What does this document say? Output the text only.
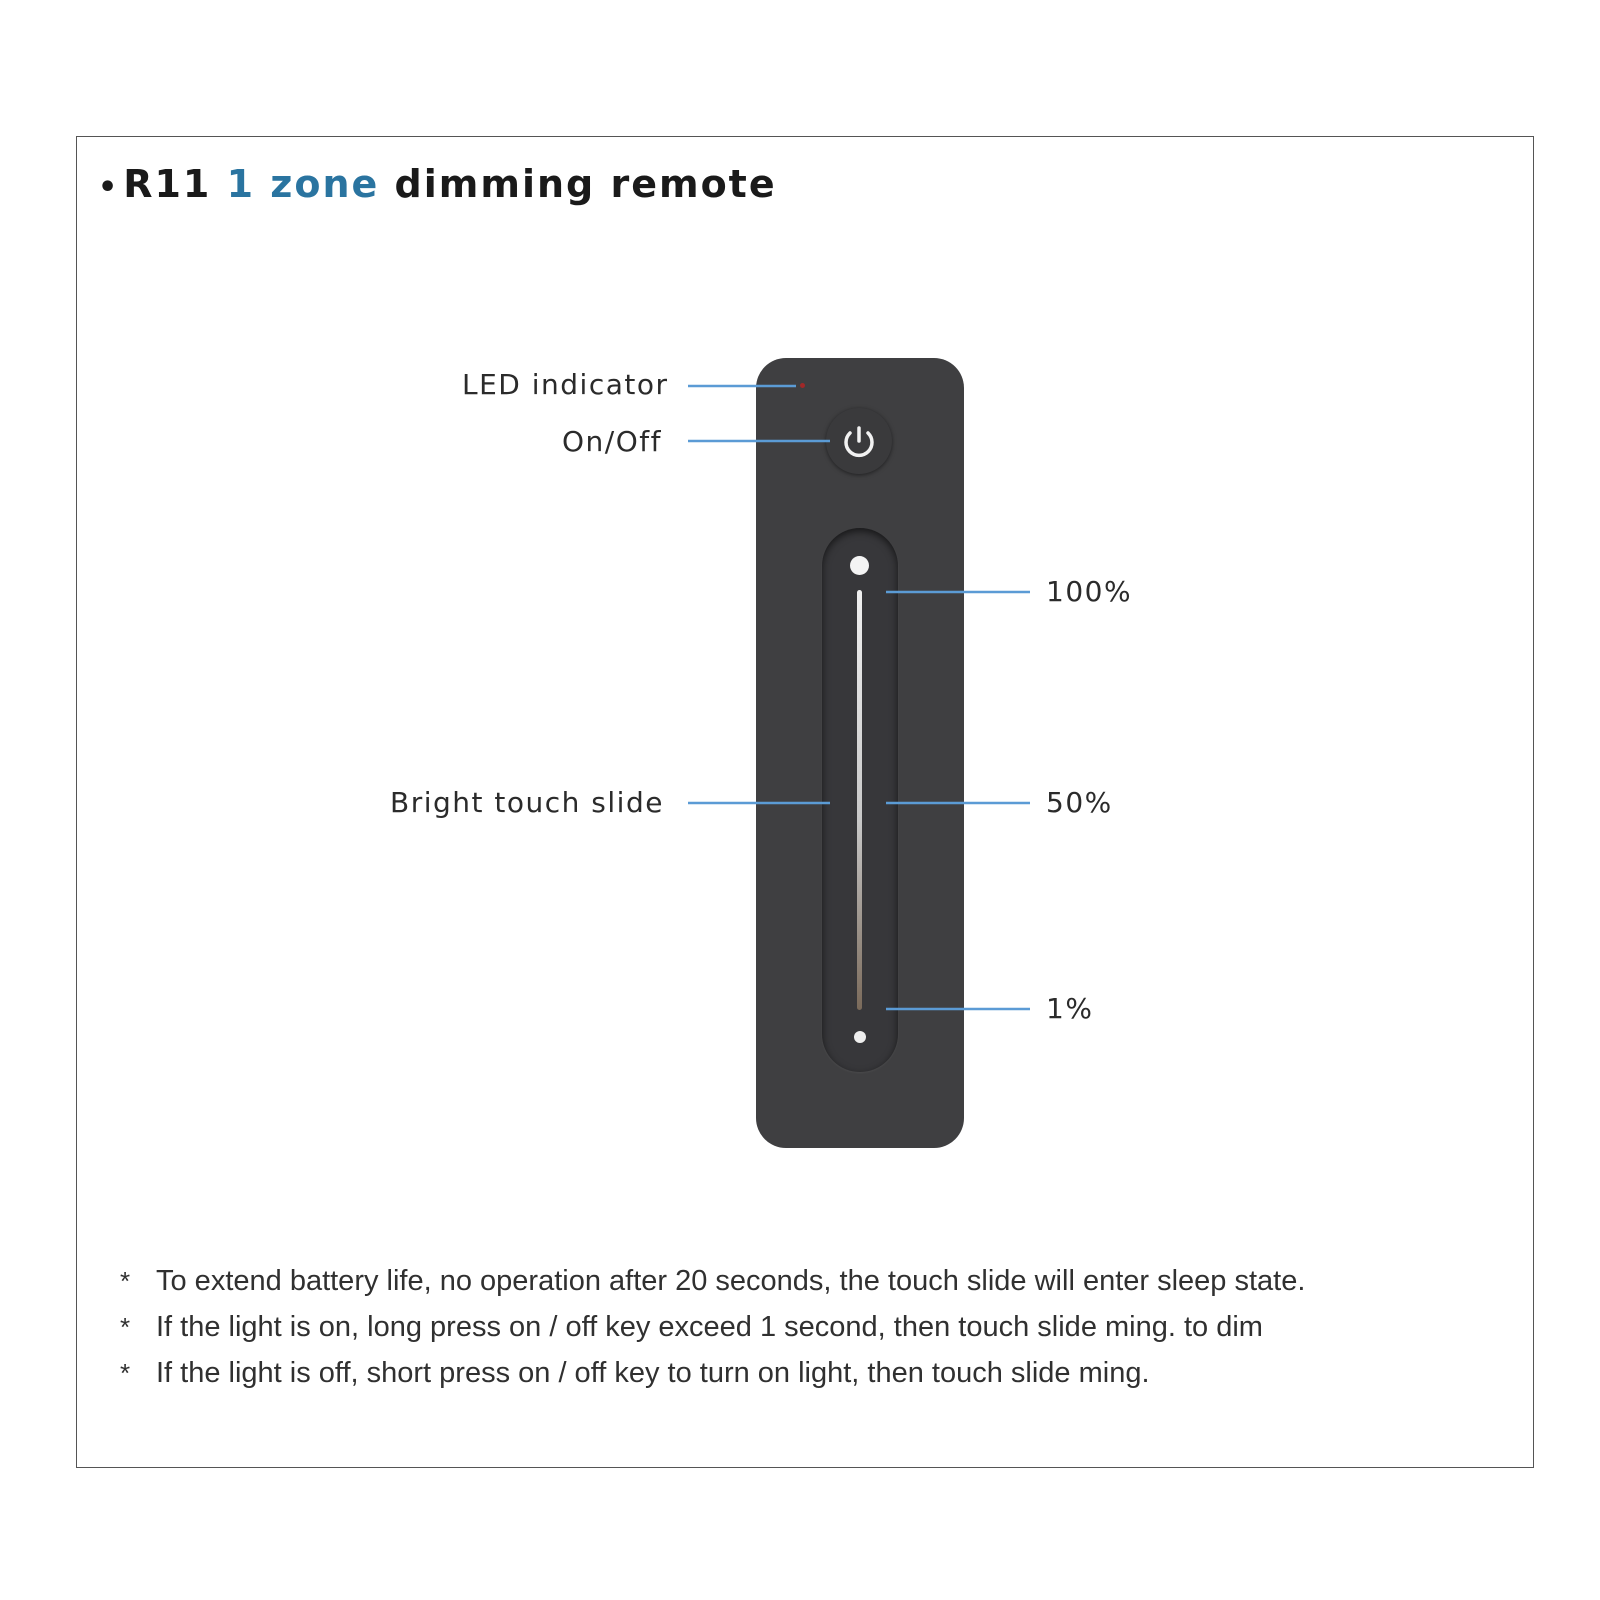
• R11 1 zone dimming remote
LED indicator
On/Off
Bright touch slide
100%
50%
1%
* To extend battery life, no operation after 20 seconds, the touch slide will enter sleep state.
* If the light is on, long press on / off key exceed 1 second, then touch slide ming. to dim
* If the light is off, short press on / off key to turn on light, then touch slide ming.
